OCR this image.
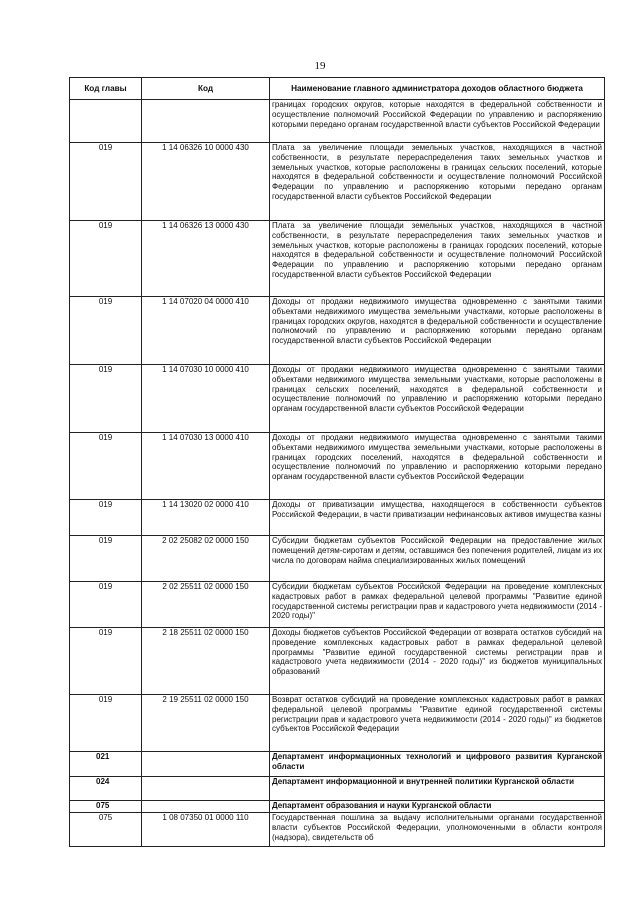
19
Код главы	Код	Наименование главного администратора доходов областного бюджета
		границах городских округов, которые находятся в федеральной собственности и осуществление полномочий Российской Федерации по управлению и распоряжению которыми передано органам государственной власти субъектов Российской Федерации
019	1 14 06326 10 0000 430	Плата за увеличение площади земельных участков, находящихся в частной собственности, в результате перераспределения таких земельных участков и земельных участков, которые расположены в границах сельских поселений, которые находятся в федеральной собственности и осуществление полномочий Российской Федерации по управлению и распоряжению которыми передано органам государственной власти субъектов Российской Федерации
019	1 14 06326 13 0000 430	Плата за увеличение площади земельных участков, находящихся в частной собственности, в результате перераспределения таких земельных участков и земельных участков, которые расположены в границах городских поселений, которые находятся в федеральной собственности и осуществление полномочий Российской Федерации по управлению и распоряжению которыми передано органам государственной власти субъектов Российской Федерации
019	1 14 07020 04 0000 410	Доходы от продажи недвижимого имущества одновременно с занятыми такими объектами недвижимого имущества земельными участками, которые расположены в границах городских округов, находятся в федеральной собственности и осуществление полномочий по управлению и распоряжению которыми передано органам государственной власти субъектов Российской Федерации
019	1 14 07030 10 0000 410	Доходы от продажи недвижимого имущества одновременно с занятыми такими объектами недвижимого имущества земельными участками, которые расположены в границах сельских поселений, находятся в федеральной собственности и осуществление полномочий по управлению и распоряжению которыми передано органам государственной власти субъектов Российской Федерации
019	1 14 07030 13 0000 410	Доходы от продажи недвижимого имущества одновременно с занятыми такими объектами недвижимого имущества земельными участками, которые расположены в границах городских поселений, находятся в федеральной собственности и осуществление полномочий по управлению и распоряжению которыми передано органам государственной власти субъектов Российской Федерации
019	1 14 13020 02 0000 410	Доходы от приватизации имущества, находящегося в собственности субъектов Российской Федерации, в части приватизации нефинансовых активов имущества казны
019	2 02 25082 02 0000 150	Субсидии бюджетам субъектов Российской Федерации на предоставление жилых помещений детям-сиротам и детям, оставшимся без попечения родителей, лицам из их числа по договорам найма специализированных жилых помещений
019	2 02 25511 02 0000 150	Субсидии бюджетам субъектов Российской Федерации на проведение комплексных кадастровых работ в рамках федеральной целевой программы "Развитие единой государственной системы регистрации прав и кадастрового учета недвижимости (2014 - 2020 годы)"
019	2 18 25511 02 0000 150	Доходы бюджетов субъектов Российской Федерации от возврата остатков субсидий на проведение комплексных кадастровых работ в рамках федеральной целевой программы "Развитие единой государственной системы регистрации прав и кадастрового учета недвижимости (2014 - 2020 годы)" из бюджетов муниципальных образований
019	2 19 25511 02 0000 150	Возврат остатков субсидий на проведение комплексных кадастровых работ в рамках федеральной целевой программы "Развитие единой государственной системы регистрации прав и кадастрового учета недвижимости (2014 - 2020 годы)" из бюджетов субъектов Российской Федерации
021		Департамент информационных технологий и цифрового развития Курганской области
024		Департамент информационной и внутренней политики Курганской области
075		Департамент образования и науки Курганской области
075	1 08 07350 01 0000 110	Государственная пошлина за выдачу исполнительными органами государственной власти субъектов Российской Федерации, уполномоченными в области контроля (надзора), свидетельств об
